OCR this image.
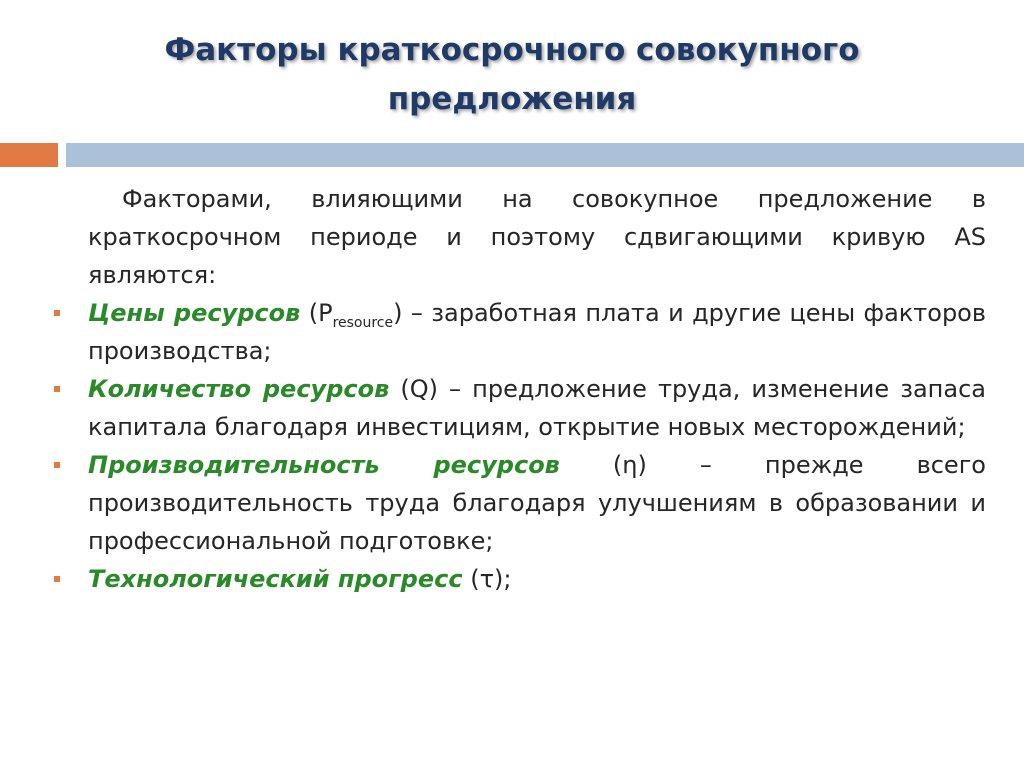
Факторы краткосрочного совокупного
предложения

Факторами, влияющими на совокупное предложение в краткосрочном периоде и поэтому сдвигающими кривую AS являются:

Цены ресурсов $(P_{resource})$ – заработная плата и другие цены факторов производства;

Количество ресурсов (Q) – предложение труда, изменение запаса капитала благодаря инвестициям, открытие новых месторождений;

Производительность ресурсов (η) – прежде всего производительность труда благодаря улучшениям в образовании и профессиональной подготовке;

Технологический прогресс (τ);
